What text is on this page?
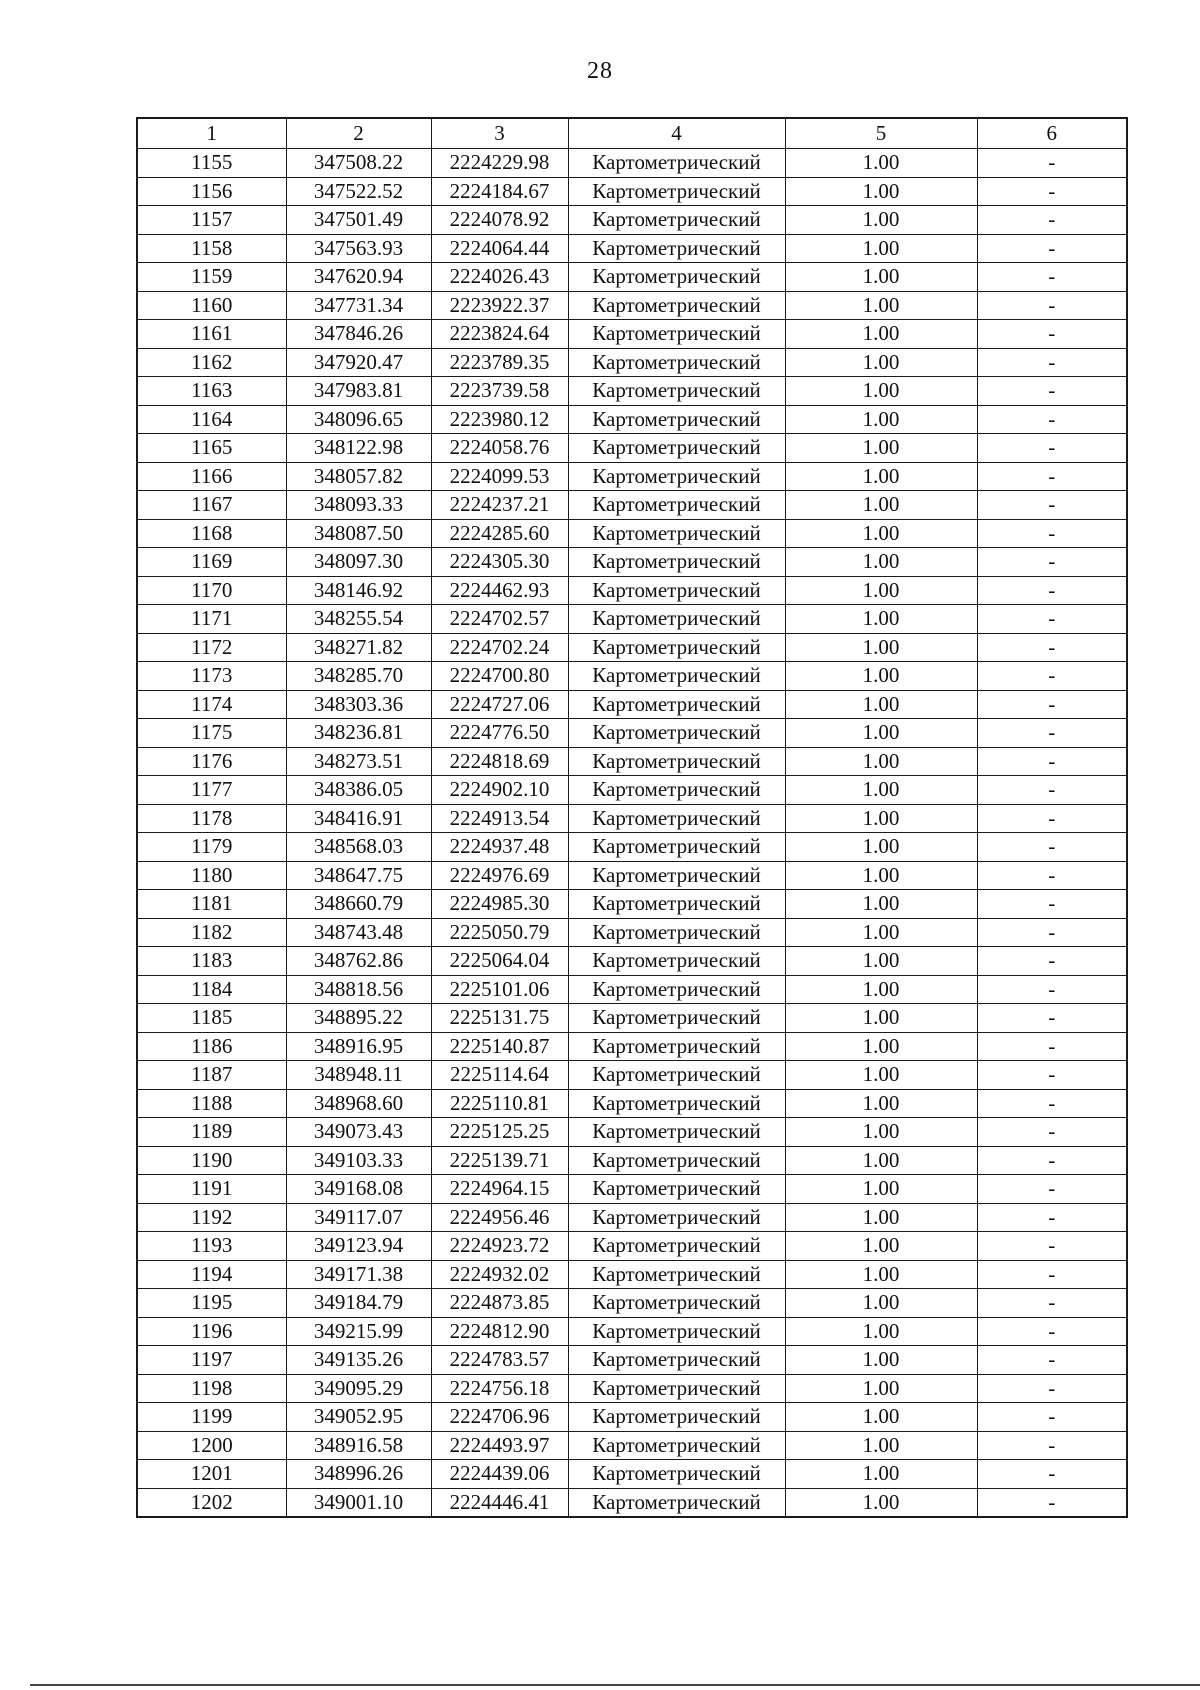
28
1	2	3	4	5	6
1155	347508.22	2224229.98	Картометрический	1.00	-
1156	347522.52	2224184.67	Картометрический	1.00	-
1157	347501.49	2224078.92	Картометрический	1.00	-
1158	347563.93	2224064.44	Картометрический	1.00	-
1159	347620.94	2224026.43	Картометрический	1.00	-
1160	347731.34	2223922.37	Картометрический	1.00	-
1161	347846.26	2223824.64	Картометрический	1.00	-
1162	347920.47	2223789.35	Картометрический	1.00	-
1163	347983.81	2223739.58	Картометрический	1.00	-
1164	348096.65	2223980.12	Картометрический	1.00	-
1165	348122.98	2224058.76	Картометрический	1.00	-
1166	348057.82	2224099.53	Картометрический	1.00	-
1167	348093.33	2224237.21	Картометрический	1.00	-
1168	348087.50	2224285.60	Картометрический	1.00	-
1169	348097.30	2224305.30	Картометрический	1.00	-
1170	348146.92	2224462.93	Картометрический	1.00	-
1171	348255.54	2224702.57	Картометрический	1.00	-
1172	348271.82	2224702.24	Картометрический	1.00	-
1173	348285.70	2224700.80	Картометрический	1.00	-
1174	348303.36	2224727.06	Картометрический	1.00	-
1175	348236.81	2224776.50	Картометрический	1.00	-
1176	348273.51	2224818.69	Картометрический	1.00	-
1177	348386.05	2224902.10	Картометрический	1.00	-
1178	348416.91	2224913.54	Картометрический	1.00	-
1179	348568.03	2224937.48	Картометрический	1.00	-
1180	348647.75	2224976.69	Картометрический	1.00	-
1181	348660.79	2224985.30	Картометрический	1.00	-
1182	348743.48	2225050.79	Картометрический	1.00	-
1183	348762.86	2225064.04	Картометрический	1.00	-
1184	348818.56	2225101.06	Картометрический	1.00	-
1185	348895.22	2225131.75	Картометрический	1.00	-
1186	348916.95	2225140.87	Картометрический	1.00	-
1187	348948.11	2225114.64	Картометрический	1.00	-
1188	348968.60	2225110.81	Картометрический	1.00	-
1189	349073.43	2225125.25	Картометрический	1.00	-
1190	349103.33	2225139.71	Картометрический	1.00	-
1191	349168.08	2224964.15	Картометрический	1.00	-
1192	349117.07	2224956.46	Картометрический	1.00	-
1193	349123.94	2224923.72	Картометрический	1.00	-
1194	349171.38	2224932.02	Картометрический	1.00	-
1195	349184.79	2224873.85	Картометрический	1.00	-
1196	349215.99	2224812.90	Картометрический	1.00	-
1197	349135.26	2224783.57	Картометрический	1.00	-
1198	349095.29	2224756.18	Картометрический	1.00	-
1199	349052.95	2224706.96	Картометрический	1.00	-
1200	348916.58	2224493.97	Картометрический	1.00	-
1201	348996.26	2224439.06	Картометрический	1.00	-
1202	349001.10	2224446.41	Картометрический	1.00	-
